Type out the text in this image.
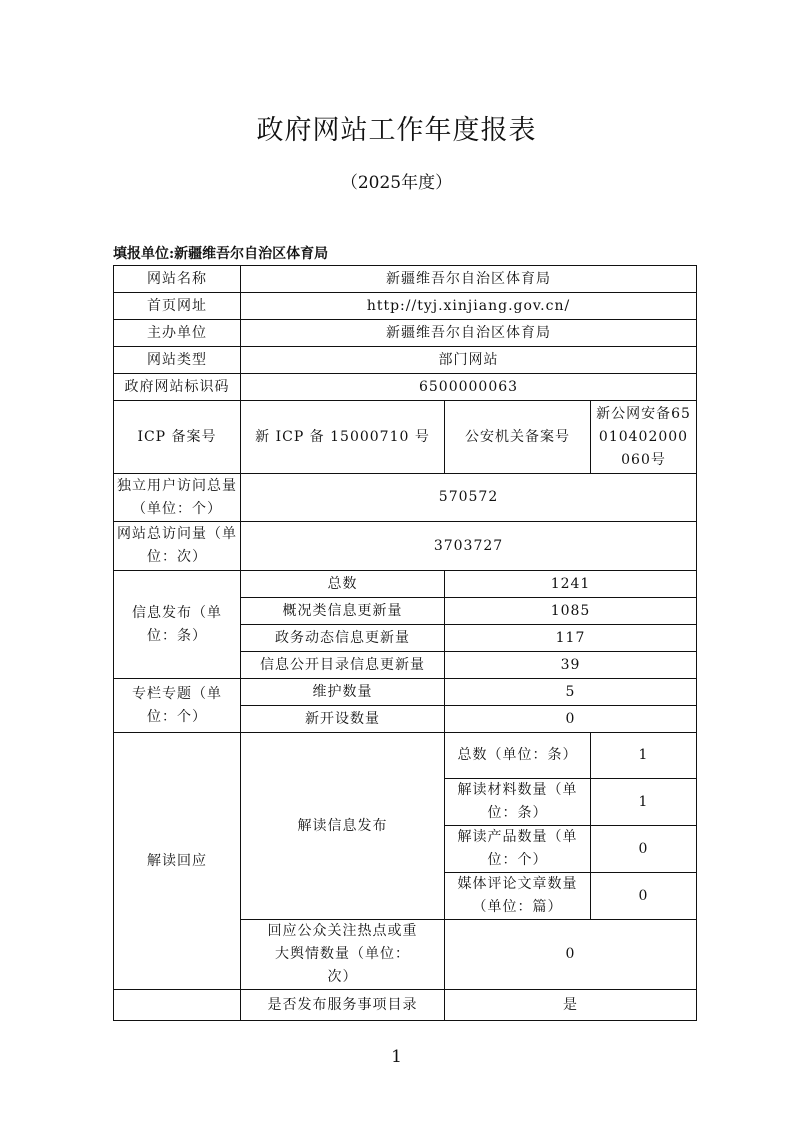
政府网站工作年度报表
（2025年度）
填报单位:新疆维吾尔自治区体育局
网站名称	新疆维吾尔自治区体育局		
首页网址	http://tyj.xinjiang.gov.cn/		
主办单位	新疆维吾尔自治区体育局		
网站类型	部门网站		
政府网站标识码	6500000063		
ICP 备案号	新 ICP 备 15000710 号	公安机关备案号	新公网安备65010402000060号
独立用户访问总量（单位：个）	570572		
网站总访问量（单位：次）	3703727		
信息发布（单位：条）	总数	1241	
	概况类信息更新量	1085	
	政务动态信息更新量	117	
	信息公开目录信息更新量	39	
专栏专题（单位：个）	维护数量	5	
	新开设数量	0	
解读回应	解读信息发布	总数（单位：条）	1
		解读材料数量（单位：条）	1
		解读产品数量（单位：个）	0
		媒体评论文章数量（单位：篇）	0
	回应公众关注热点或重大舆情数量（单位：次）	0	
	是否发布服务事项目录	是	
1
